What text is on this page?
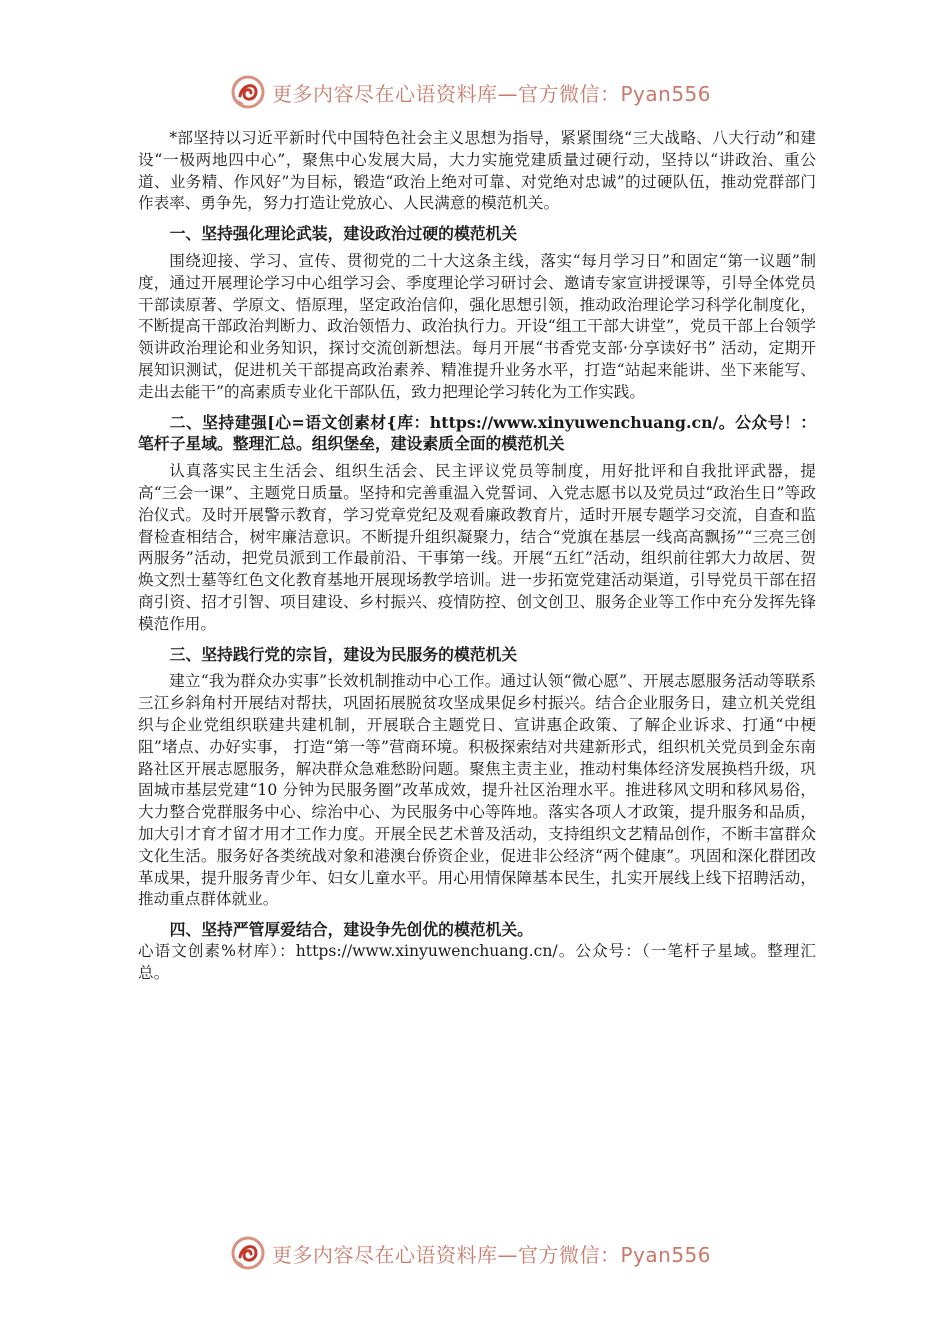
更多内容尽在心语资料库—官方微信：Pyan556

*部坚持以习近平新时代中国特色社会主义思想为指导，紧紧围绕“三大战略、八大行动”和建设“一极两地四中心”，聚焦中心发展大局，大力实施党建质量过硬行动，坚持以“讲政治、重公道、业务精、作风好”为目标，锻造“政治上绝对可靠、对党绝对忠诚”的过硬队伍，推动党群部门作表率、勇争先，努力打造让党放心、人民满意的模范机关。

一、坚持强化理论武装，建设政治过硬的模范机关

围绕迎接、学习、宣传、贯彻党的二十大这条主线，落实“每月学习日”和固定“第一议题”制度，通过开展理论学习中心组学习会、季度理论学习研讨会、邀请专家宣讲授课等，引导全体党员干部读原著、学原文、悟原理，坚定政治信仰，强化思想引领，推动政治理论学习科学化制度化，不断提高干部政治判断力、政治领悟力、政治执行力。开设“组工干部大讲堂”，党员干部上台领学领讲政治理论和业务知识，探讨交流创新想法。每月开展“书香党支部·分享读好书” 活动，定期开展知识测试，促进机关干部提高政治素养、精准提升业务水平，打造“站起来能讲、坐下来能写、走出去能干”的高素质专业化干部队伍，致力把理论学习转化为工作实践。

二、坚持建强[心=语文创素材{库：https://www.xinyuwenchuang.cn/。公众号！：笔杆子星域。整理汇总。组织堡垒，建设素质全面的模范机关

认真落实民主生活会、组织生活会、民主评议党员等制度，用好批评和自我批评武器，提高“三会一课”、主题党日质量。坚持和完善重温入党誓词、入党志愿书以及党员过“政治生日”等政治仪式。及时开展警示教育，学习党章党纪及观看廉政教育片，适时开展专题学习交流，自查和监督检查相结合，树牢廉洁意识。不断提升组织凝聚力，结合“党旗在基层一线高高飘扬”“三亮三创两服务”活动，把党员派到工作最前沿、干事第一线。开展“五红”活动，组织前往郭大力故居、贺焕文烈士墓等红色文化教育基地开展现场教学培训。进一步拓宽党建活动渠道，引导党员干部在招商引资、招才引智、项目建设、乡村振兴、疫情防控、创文创卫、服务企业等工作中充分发挥先锋模范作用。

三、坚持践行党的宗旨，建设为民服务的模范机关

建立“我为群众办实事”长效机制推动中心工作。通过认领“微心愿”、开展志愿服务活动等联系三江乡斜角村开展结对帮扶，巩固拓展脱贫攻坚成果促乡村振兴。结合企业服务日，建立机关党组织与企业党组织联建共建机制，开展联合主题党日、宣讲惠企政策、了解企业诉求、打通“中梗阻”堵点、办好实事， 打造“第一等”营商环境。积极探索结对共建新形式，组织机关党员到金东南路社区开展志愿服务，解决群众急难愁盼问题。聚焦主责主业，推动村集体经济发展换档升级，巩固城市基层党建“10 分钟为民服务圈”改革成效，提升社区治理水平。推进移风文明和移风易俗，大力整合党群服务中心、综治中心、为民服务中心等阵地。落实各项人才政策，提升服务和品质，加大引才育才留才用才工作力度。开展全民艺术普及活动，支持组织文艺精品创作，不断丰富群众文化生活。服务好各类统战对象和港澳台侨资企业，促进非公经济“两个健康”。巩固和深化群团改革成果，提升服务青少年、妇女儿童水平。用心用情保障基本民生，扎实开展线上线下招聘活动，推动重点群体就业。

四、坚持严管厚爱结合，建设争先创优的模范机关。

心语文创素%材库）：https://www.xinyuwenchuang.cn/。公众号：（一笔杆子星域。整理汇总。

更多内容尽在心语资料库—官方微信：Pyan556
